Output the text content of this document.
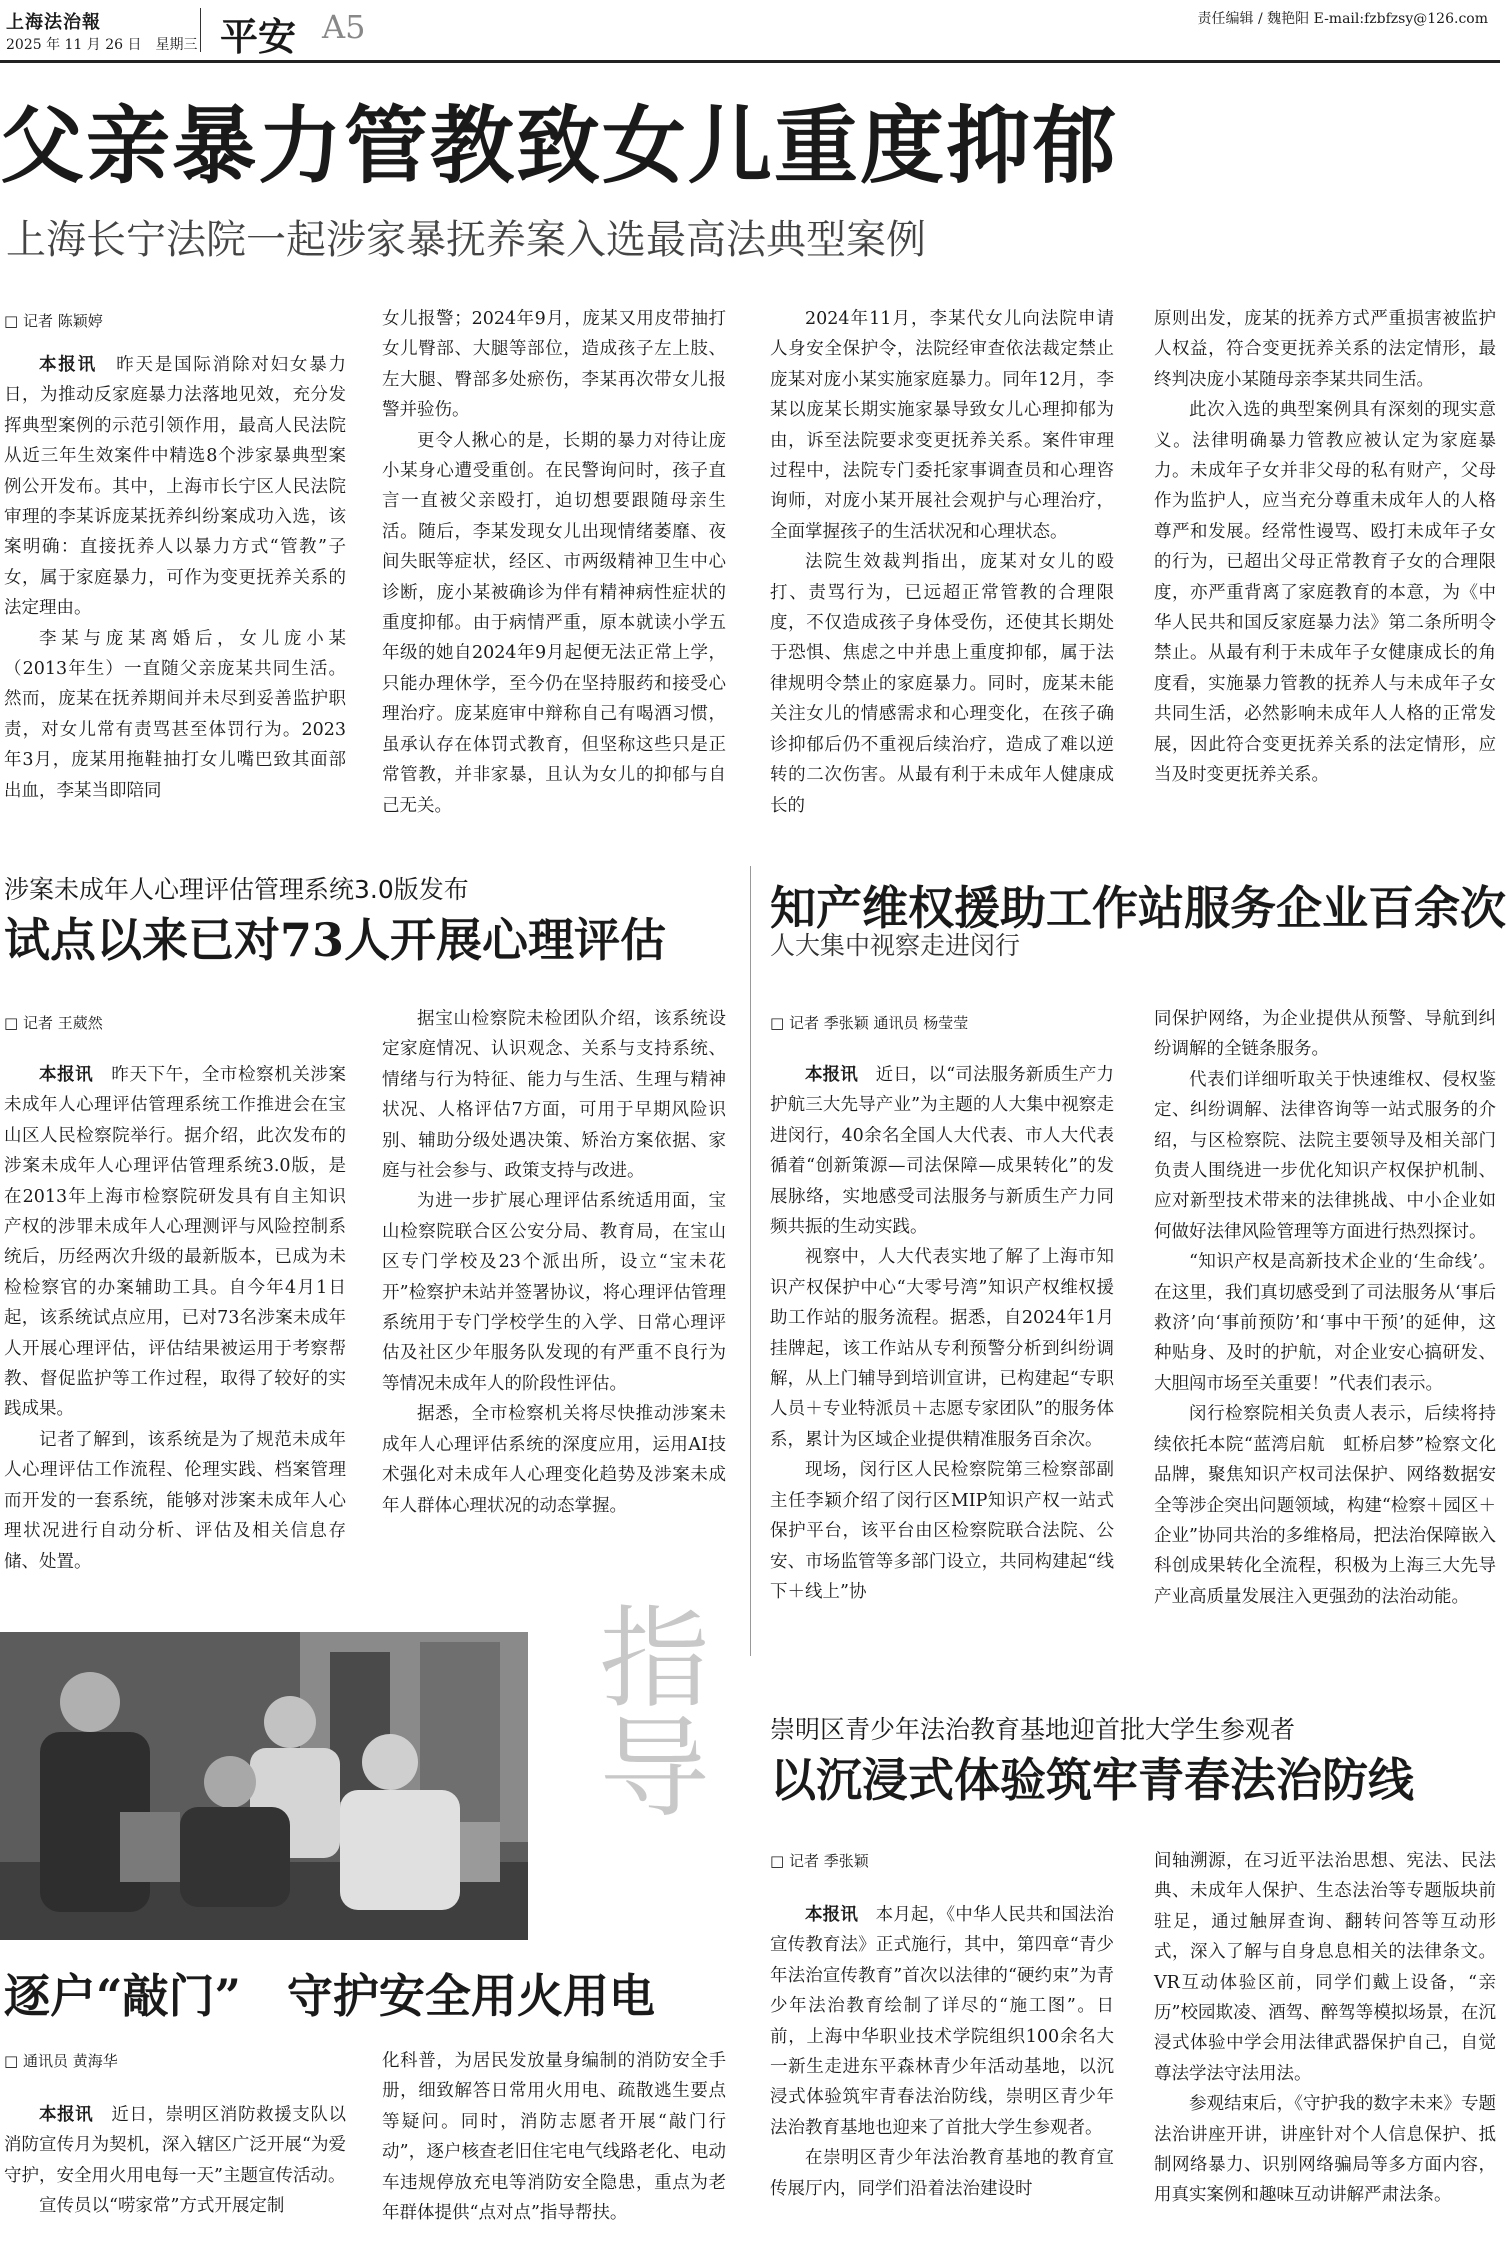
上海法治報
2025 年 11 月 26 日　星期三 平安 A5	责任编辑 / 魏艳阳 E-mail:fzbfzsy@126.com
父亲暴力管教致女儿重度抑郁
上海长宁法院一起涉家暴抚养案入选最高法典型案例
□ 记者 陈颖婷

本报讯　 昨天是国际消除对妇女暴力日，为推动反家庭暴力法落地见效，充分发挥典型案例的示范引领作用，最高人民法院从近三年生效案件中精选8个涉家暴典型案例公开发布。其中，上海市长宁区人民法院审理的李某诉庞某抚养纠纷案成功入选，该案明确：直接抚养人以暴力方式“管教”子女，属于家庭暴力，可作为变更抚养关系的法定理由。

李某与庞某离婚后，女儿庞小某（2013年生）一直随父亲庞某共同生活。然而，庞某在抚养期间并未尽到妥善监护职责，对女儿常有责骂甚至体罚行为。2023年3月，庞某用拖鞋抽打女儿嘴巴致其面部出血，李某当即陪同

女儿报警；2024年9月，庞某又用皮带抽打女儿臀部、大腿等部位，造成孩子左上肢、左大腿、臀部多处瘀伤，李某再次带女儿报警并验伤。

更令人揪心的是，长期的暴力对待让庞小某身心遭受重创。在民警询问时，孩子直言一直被父亲殴打，迫切想要跟随母亲生活。随后，李某发现女儿出现情绪萎靡、夜间失眠等症状，经区、市两级精神卫生中心诊断，庞小某被确诊为伴有精神病性症状的重度抑郁。由于病情严重，原本就读小学五年级的她自2024年9月起便无法正常上学，只能办理休学，至今仍在坚持服药和接受心理治疗。庞某庭审中辩称自己有喝酒习惯，虽承认存在体罚式教育，但坚称这些只是正常管教，并非家暴，且认为女儿的抑郁与自己无关。

2024年11月，李某代女儿向法院申请人身安全保护令，法院经审查依法裁定禁止庞某对庞小某实施家庭暴力。同年12月，李某以庞某长期实施家暴导致女儿心理抑郁为由，诉至法院要求变更抚养关系。案件审理过程中，法院专门委托家事调查员和心理咨询师，对庞小某开展社会观护与心理治疗，全面掌握孩子的生活状况和心理状态。

法院生效裁判指出，庞某对女儿的殴打、责骂行为，已远超正常管教的合理限度，不仅造成孩子身体受伤，还使其长期处于恐惧、焦虑之中并患上重度抑郁，属于法律规明令禁止的家庭暴力。同时，庞某未能关注女儿的情感需求和心理变化，在孩子确诊抑郁后仍不重视后续治疗，造成了难以逆转的二次伤害。从最有利于未成年人健康成长的

原则出发，庞某的抚养方式严重损害被监护人权益，符合变更抚养关系的法定情形，最终判决庞小某随母亲李某共同生活。

此次入选的典型案例具有深刻的现实意义。法律明确暴力管教应被认定为家庭暴力。未成年子女并非父母的私有财产，父母作为监护人，应当充分尊重未成年人的人格尊严和发展。经常性谩骂、殴打未成年子女的行为，已超出父母正常教育子女的合理限度，亦严重背离了家庭教育的本意，为《中华人民共和国反家庭暴力法》第二条所明令禁止。从最有利于未成年子女健康成长的角度看，实施暴力管教的抚养人与未成年子女共同生活，必然影响未成年人人格的正常发展，因此符合变更抚养关系的法定情形，应当及时变更抚养关系。

涉案未成年人心理评估管理系统3.0版发布
试点以来已对73人开展心理评估
□ 记者 王葳然

本报讯　 昨天下午，全市检察机关涉案未成年人心理评估管理系统工作推进会在宝山区人民检察院举行。据介绍，此次发布的涉案未成年人心理评估管理系统3.0版，是在2013年上海市检察院研发具有自主知识产权的涉罪未成年人心理测评与风险控制系统后，历经两次升级的最新版本，已成为未检检察官的办案辅助工具。自今年4月1日起，该系统试点应用，已对73名涉案未成年人开展心理评估，评估结果被运用于考察帮教、督促监护等工作过程，取得了较好的实践成果。

记者了解到，该系统是为了规范未成年人心理评估工作流程、伦理实践、档案管理而开发的一套系统，能够对涉案未成年人心理状况进行自动分析、评估及相关信息存储、处置。

据宝山检察院未检团队介绍，该系统设定家庭情况、认识观念、关系与支持系统、情绪与行为特征、能力与生活、生理与精神状况、人格评估7方面，可用于早期风险识别、辅助分级处遇决策、矫治方案依据、家庭与社会参与、政策支持与改进。

为进一步扩展心理评估系统适用面，宝山检察院联合区公安分局、教育局，在宝山区专门学校及23个派出所，设立“宝未花开”检察护未站并签署协议，将心理评估管理系统用于专门学校学生的入学、日常心理评估及社区少年服务队发现的有严重不良行为等情况未成年人的阶段性评估。

据悉，全市检察机关将尽快推动涉案未成年人心理评估系统的深度应用，运用AI技术强化对未成年人心理变化趋势及涉案未成年人群体心理状况的动态掌握。

知产维权援助工作站服务企业百余次
人大集中视察走进闵行
□ 记者 季张颖 通讯员 杨莹莹

本报讯　 近日，以“司法服务新质生产力　护航三大先导产业”为主题的人大集中视察走进闵行，40余名全国人大代表、市人大代表循着“创新策源—司法保障—成果转化”的发展脉络，实地感受司法服务与新质生产力同频共振的生动实践。

视察中，人大代表实地了解了上海市知识产权保护中心“大零号湾”知识产权维权援助工作站的服务流程。据悉，自2024年1月挂牌起，该工作站从专利预警分析到纠纷调解，从上门辅导到培训宣讲，已构建起“专职人员＋专业特派员＋志愿专家团队”的服务体系，累计为区域企业提供精准服务百余次。

现场，闵行区人民检察院第三检察部副主任李颖介绍了闵行区MIP知识产权一站式保护平台，该平台由区检察院联合法院、公安、市场监管等多部门设立，共同构建起“线下＋线上”协

同保护网络，为企业提供从预警、导航到纠纷调解的全链条服务。

代表们详细听取关于快速维权、侵权鉴定、纠纷调解、法律咨询等一站式服务的介绍，与区检察院、法院主要领导及相关部门负责人围绕进一步优化知识产权保护机制、应对新型技术带来的法律挑战、中小企业如何做好法律风险管理等方面进行热烈探讨。

“知识产权是高新技术企业的‘生命线’。在这里，我们真切感受到了司法服务从‘事后救济’向‘事前预防’和‘事中干预’的延伸，这种贴身、及时的护航，对企业安心搞研发、大胆闯市场至关重要！”代表们表示。

闵行检察院相关负责人表示，后续将持续依托本院“蓝湾启航　虹桥启梦”检察文化品牌，聚焦知识产权司法保护、网络数据安全等涉企突出问题领域，构建“检察＋园区＋企业”协同共治的多维格局，把法治保障嵌入科创成果转化全流程，积极为上海三大先导产业高质量发展注入更强劲的法治动能。

崇明区青少年法治教育基地迎首批大学生参观者
以沉浸式体验筑牢青春法治防线
□ 记者 季张颖

本报讯　 本月起，《中华人民共和国法治宣传教育法》正式施行，其中，第四章“青少年法治宣传教育”首次以法律的“硬约束”为青少年法治教育绘制了详尽的“施工图”。日前，上海中华职业技术学院组织100余名大一新生走进东平森林青少年活动基地，以沉浸式体验筑牢青春法治防线，崇明区青少年法治教育基地也迎来了首批大学生参观者。

在崇明区青少年法治教育基地的教育宣传展厅内，同学们沿着法治建设时

间轴溯源，在习近平法治思想、宪法、民法典、未成年人保护、生态法治等专题版块前驻足，通过触屏查询、翻转问答等互动形式，深入了解与自身息息相关的法律条文。VR互动体验区前，同学们戴上设备，“亲历”校园欺凌、酒驾、醉驾等模拟场景，在沉浸式体验中学会用法律武器保护自己，自觉尊法学法守法用法。

参观结束后，《守护我的数字未来》专题法治讲座开讲，讲座针对个人信息保护、抵制网络暴力、识别网络骗局等多方面内容，用真实案例和趣味互动讲解严肃法条。

指导
逐户“敲门”　守护安全用火用电
□ 通讯员 黄海华

本报讯　 近日，崇明区消防救援支队以消防宣传月为契机，深入辖区广泛开展“为爱守护，安全用火用电每一天”主题宣传活动。

宣传员以“唠家常”方式开展定制

化科普，为居民发放量身编制的消防安全手册，细致解答日常用火用电、疏散逃生要点等疑问。同时，消防志愿者开展“敲门行动”，逐户核查老旧住宅电气线路老化、电动车违规停放充电等消防安全隐患，重点为老年群体提供“点对点”指导帮扶。
